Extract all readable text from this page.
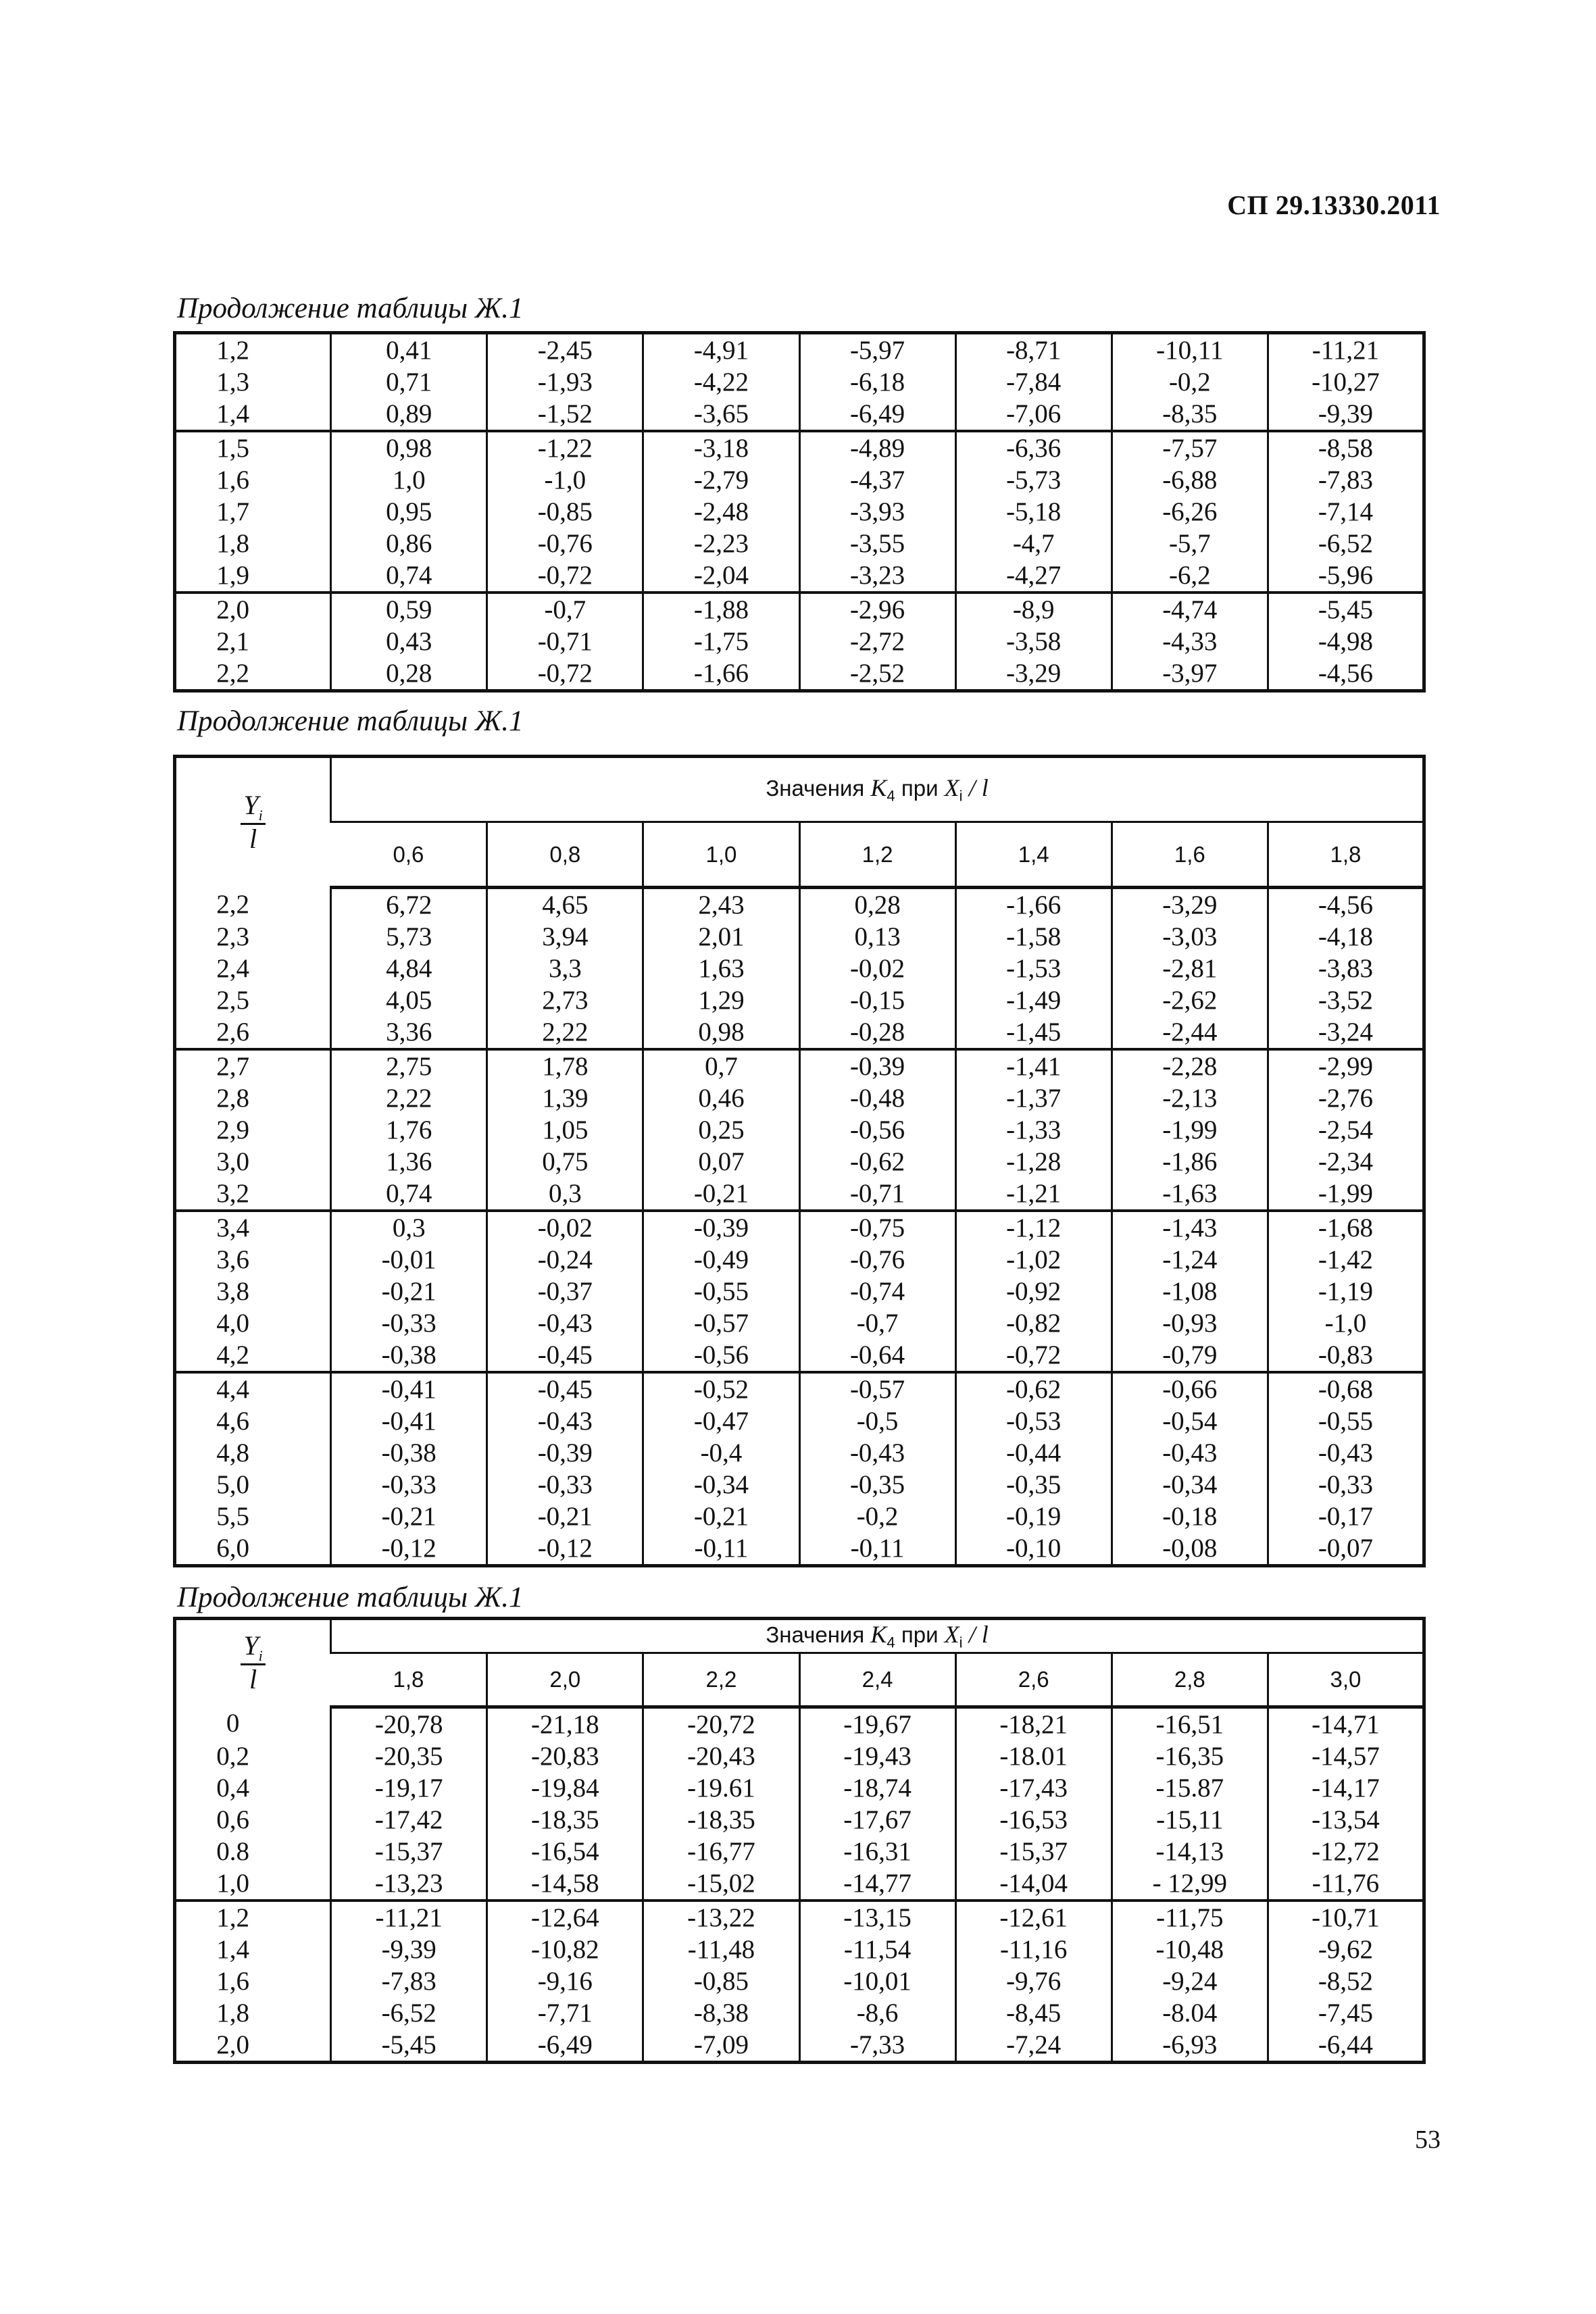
СП 29.13330.2011
Продолжение таблицы Ж.1
1,2	0,41	-2,45	-4,91	-5,97	-8,71	-10,11	-11,21
1,3	0,71	-1,93	-4,22	-6,18	-7,84	-0,2	-10,27
1,4	0,89	-1,52	-3,65	-6,49	-7,06	-8,35	-9,39
1,5	0,98	-1,22	-3,18	-4,89	-6,36	-7,57	-8,58
1,6	1,0	-1,0	-2,79	-4,37	-5,73	-6,88	-7,83
1,7	0,95	-0,85	-2,48	-3,93	-5,18	-6,26	-7,14
1,8	0,86	-0,76	-2,23	-3,55	-4,7	-5,7	-6,52
1,9	0,74	-0,72	-2,04	-3,23	-4,27	-6,2	-5,96
2,0	0,59	-0,7	-1,88	-2,96	-8,9	-4,74	-5,45
2,1	0,43	-0,71	-1,75	-2,72	-3,58	-4,33	-4,98
2,2	0,28	-0,72	-1,66	-2,52	-3,29	-3,97	-4,56
Продолжение таблицы Ж.1
$\frac{Y_i}{l}$	Значения $K_4$ при $X_i$ / l						
	0,6	0,8	1,0	1,2	1,4	1,6	1,8
2,2	6,72	4,65	2,43	0,28	-1,66	-3,29	-4,56
2,3	5,73	3,94	2,01	0,13	-1,58	-3,03	-4,18
2,4	4,84	3,3	1,63	-0,02	-1,53	-2,81	-3,83
2,5	4,05	2,73	1,29	-0,15	-1,49	-2,62	-3,52
2,6	3,36	2,22	0,98	-0,28	-1,45	-2,44	-3,24
2,7	2,75	1,78	0,7	-0,39	-1,41	-2,28	-2,99
2,8	2,22	1,39	0,46	-0,48	-1,37	-2,13	-2,76
2,9	1,76	1,05	0,25	-0,56	-1,33	-1,99	-2,54
3,0	1,36	0,75	0,07	-0,62	-1,28	-1,86	-2,34
3,2	0,74	0,3	-0,21	-0,71	-1,21	-1,63	-1,99
3,4	0,3	-0,02	-0,39	-0,75	-1,12	-1,43	-1,68
3,6	-0,01	-0,24	-0,49	-0,76	-1,02	-1,24	-1,42
3,8	-0,21	-0,37	-0,55	-0,74	-0,92	-1,08	-1,19
4,0	-0,33	-0,43	-0,57	-0,7	-0,82	-0,93	-1,0
4,2	-0,38	-0,45	-0,56	-0,64	-0,72	-0,79	-0,83
4,4	-0,41	-0,45	-0,52	-0,57	-0,62	-0,66	-0,68
4,6	-0,41	-0,43	-0,47	-0,5	-0,53	-0,54	-0,55
4,8	-0,38	-0,39	-0,4	-0,43	-0,44	-0,43	-0,43
5,0	-0,33	-0,33	-0,34	-0,35	-0,35	-0,34	-0,33
5,5	-0,21	-0,21	-0,21	-0,2	-0,19	-0,18	-0,17
6,0	-0,12	-0,12	-0,11	-0,11	-0,10	-0,08	-0,07
Продолжение таблицы Ж.1
$\frac{Y_i}{l}$	Значения $K_4$ при $X_i$ / l						
	1,8	2,0	2,2	2,4	2,6	2,8	3,0
0	-20,78	-21,18	-20,72	-19,67	-18,21	-16,51	-14,71
0,2	-20,35	-20,83	-20,43	-19,43	-18.01	-16,35	-14,57
0,4	-19,17	-19,84	-19.61	-18,74	-17,43	-15.87	-14,17
0,6	-17,42	-18,35	-18,35	-17,67	-16,53	-15,11	-13,54
0.8	-15,37	-16,54	-16,77	-16,31	-15,37	-14,13	-12,72
1,0	-13,23	-14,58	-15,02	-14,77	-14,04	- 12,99	-11,76
1,2	-11,21	-12,64	-13,22	-13,15	-12,61	-11,75	-10,71
1,4	-9,39	-10,82	-11,48	-11,54	-11,16	-10,48	-9,62
1,6	-7,83	-9,16	-0,85	-10,01	-9,76	-9,24	-8,52
1,8	-6,52	-7,71	-8,38	-8,6	-8,45	-8.04	-7,45
2,0	-5,45	-6,49	-7,09	-7,33	-7,24	-6,93	-6,44
53
